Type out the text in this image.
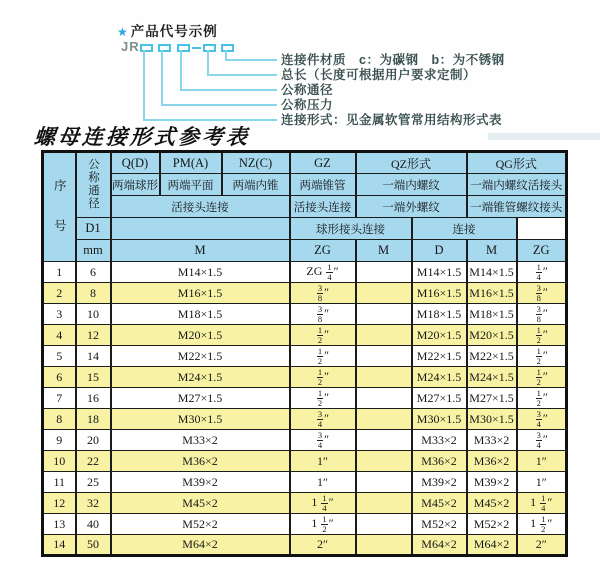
★ 产品代号示例
JR
连接件材质　c：为碳钢　b：为不锈钢
总长（长度可根据用户要求定制）
公称通径
公称压力
连接形式：见金属软管常用结构形式表
螺母连接形式参考表
序号	公称通径	Q(D)	PM(A)	NZ(C)	GZ	QZ形式		QG形式	
		两端球形	两端平面	两端内锥	两端锥管	一端内螺纹		一端内螺纹活接头	
		活接头连接			活接头连接	一端外螺纹		一端锥管螺纹接头	
	D1				球形接头连接		连接		
	mm	M			ZG	M	D	M	ZG
1	6	M14×1.5			ZG $\frac{1}{4}$ ″		M14×1.5	M14×1.5	$\frac{1}{4}$ ″
2	8	M16×1.5			$\frac{3}{8}$ ″		M16×1.5	M16×1.5	$\frac{3}{8}$ ″
3	10	M18×1.5			$\frac{3}{8}$ ″		M18×1.5	M18×1.5	$\frac{3}{8}$ ″
4	12	M20×1.5			$\frac{1}{2}$ ″		M20×1.5	M20×1.5	$\frac{1}{2}$ ″
5	14	M22×1.5			$\frac{1}{2}$ ″		M22×1.5	M22×1.5	$\frac{1}{2}$ ″
6	15	M24×1.5			$\frac{1}{2}$ ″		M24×1.5	M24×1.5	$\frac{1}{2}$ ″
7	16	M27×1.5			$\frac{1}{2}$ ″		M27×1.5	M27×1.5	$\frac{1}{2}$ ″
8	18	M30×1.5			$\frac{3}{4}$ ″		M30×1.5	M30×1.5	$\frac{3}{4}$ ″
9	20	M33×2			$\frac{3}{4}$ ″		M33×2	M33×2	$\frac{3}{4}$ ″
10	22	M36×2			1″		M36×2	M36×2	1″
11	25	M39×2			1″		M39×2	M39×2	1″
12	32	M45×2			$1 \frac{1}{4}$ ″		M45×2	M45×2	$1 \frac{1}{4}$ ″
13	40	M52×2			$1 \frac{1}{2}$ ″		M52×2	M52×2	$1 \frac{1}{2}$ ″
14	50	M64×2			2″		M64×2	M64×2	2″
